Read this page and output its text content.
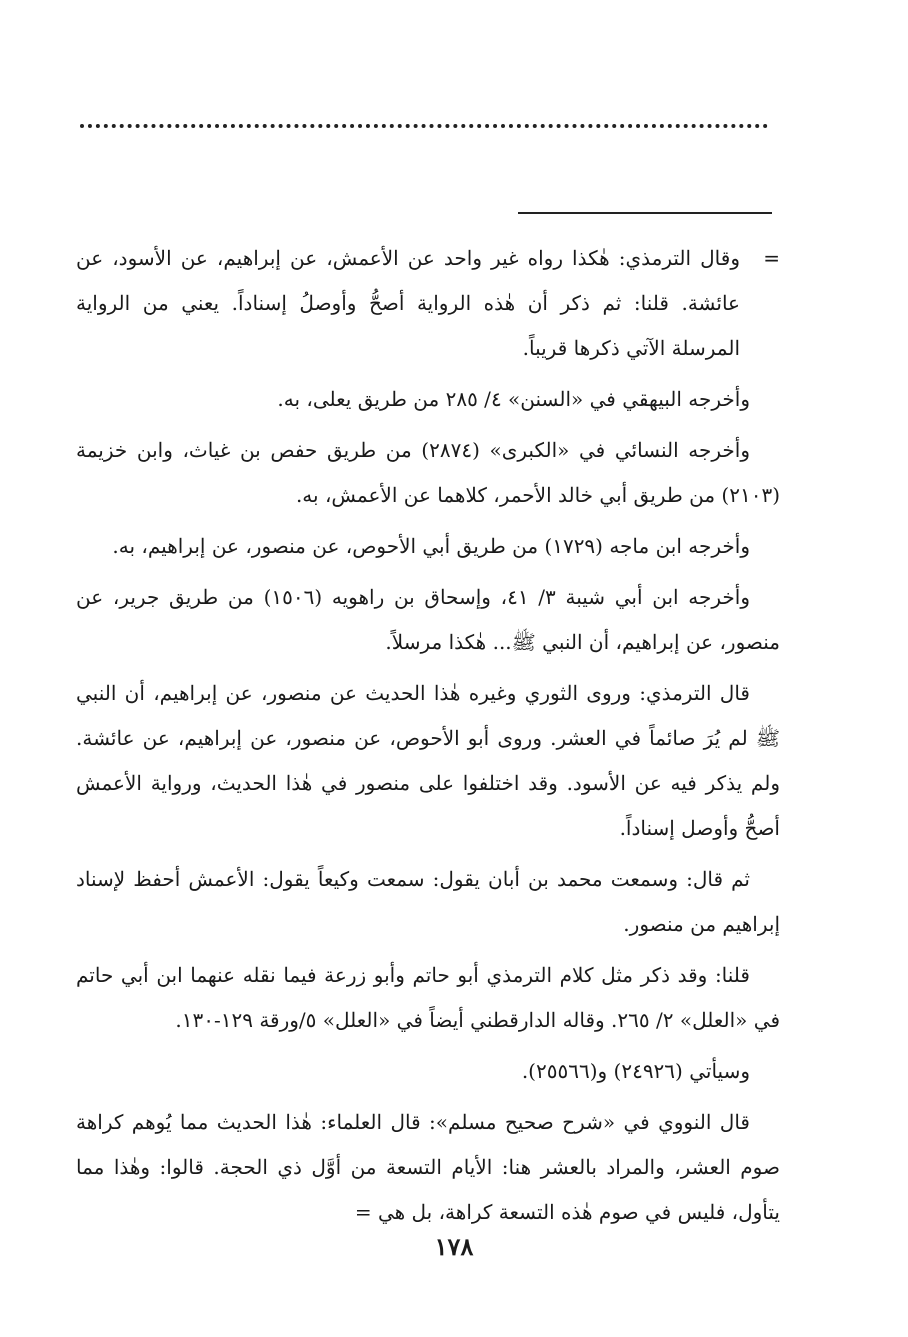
=
وقال الترمذي: هٰكذا رواه غير واحد عن الأعمش، عن إبراهيم، عن الأسود، عن عائشة. قلنا: ثم ذكر أن هٰذه الرواية أصحُّ وأوصلُ إسناداً. يعني من الرواية المرسلة الآتي ذكرها قريباً.

وأخرجه البيهقي في «السنن» ٤/ ٢٨٥ من طريق يعلى، به.

وأخرجه النسائي في «الكبرى» (٢٨٧٤) من طريق حفص بن غياث، وابن خزيمة (٢١٠٣) من طريق أبي خالد الأحمر، كلاهما عن الأعمش، به.

وأخرجه ابن ماجه (١٧٢٩) من طريق أبي الأحوص، عن منصور، عن إبراهيم، به.

وأخرجه ابن أبي شيبة ٣/ ٤١، وإسحاق بن راهويه (١٥٠٦) من طريق جرير، عن منصور، عن إبراهيم، أن النبي ﷺ... هٰكذا مرسلاً.

قال الترمذي: وروى الثوري وغيره هٰذا الحديث عن منصور، عن إبراهيم، أن النبي ﷺ لم يُرَ صائماً في العشر. وروى أبو الأحوص، عن منصور، عن إبراهيم، عن عائشة. ولم يذكر فيه عن الأسود. وقد اختلفوا على منصور في هٰذا الحديث، ورواية الأعمش أصحُّ وأوصل إسناداً.

ثم قال: وسمعت محمد بن أبان يقول: سمعت وكيعاً يقول: الأعمش أحفظ لإسناد إبراهيم من منصور.

قلنا: وقد ذكر مثل كلام الترمذي أبو حاتم وأبو زرعة فيما نقله عنهما ابن أبي حاتم في «العلل» ٢/ ٢٦٥. وقاله الدارقطني أيضاً في «العلل» ٥/ورقة ١٢٩-١٣٠.

وسيأتي (٢٤٩٢٦) و(٢٥٥٦٦).

قال النووي في «شرح صحيح مسلم»: قال العلماء: هٰذا الحديث مما يُوهم كراهة صوم العشر، والمراد بالعشر هنا: الأيام التسعة من أوَّل ذي الحجة. قالوا: وهٰذا مما يتأول، فليس في صوم هٰذه التسعة كراهة، بل هي =

١٧٨
